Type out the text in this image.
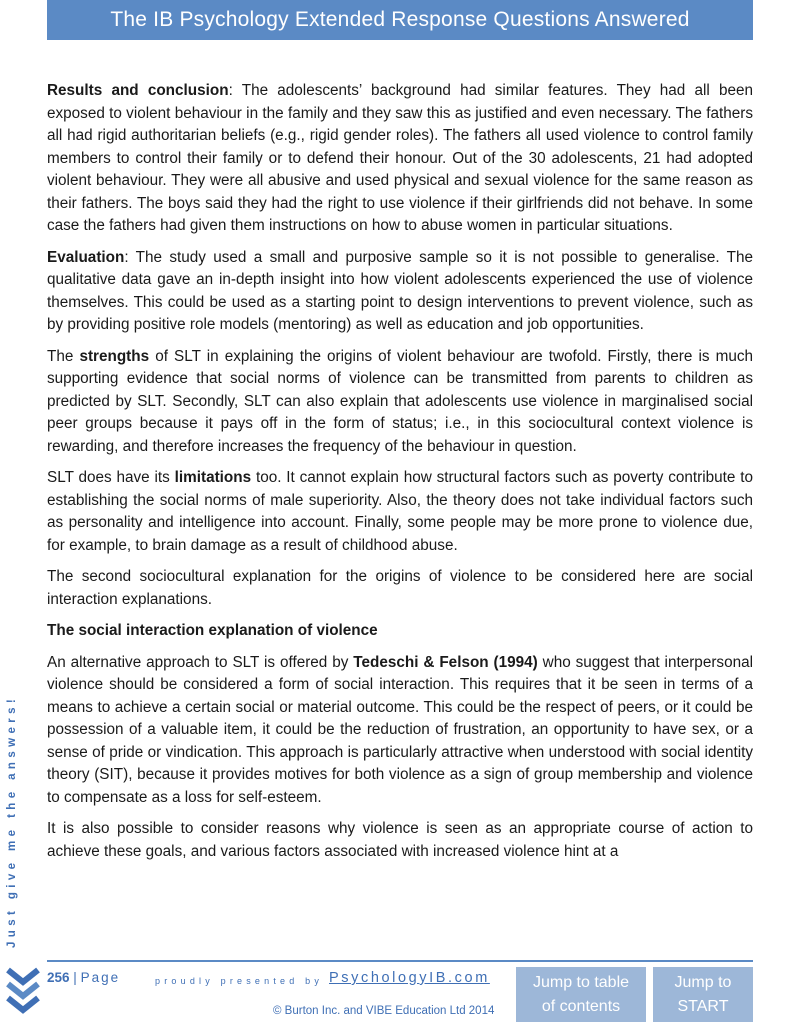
The IB Psychology Extended Response Questions Answered

Results and conclusion: The adolescents’ background had similar features. They had all been exposed to violent behaviour in the family and they saw this as justified and even necessary. The fathers all had rigid authoritarian beliefs (e.g., rigid gender roles). The fathers all used violence to control family members to control their family or to defend their honour. Out of the 30 adolescents, 21 had adopted violent behaviour. They were all abusive and used physical and sexual violence for the same reason as their fathers. The boys said they had the right to use violence if their girlfriends did not behave. In some case the fathers had given them instructions on how to abuse women in particular situations.

Evaluation: The study used a small and purposive sample so it is not possible to generalise. The qualitative data gave an in-depth insight into how violent adolescents experienced the use of violence themselves. This could be used as a starting point to design interventions to prevent violence, such as by providing positive role models (mentoring) as well as education and job opportunities.

The strengths of SLT in explaining the origins of violent behaviour are twofold. Firstly, there is much supporting evidence that social norms of violence can be transmitted from parents to children as predicted by SLT. Secondly, SLT can also explain that adolescents use violence in marginalised social peer groups because it pays off in the form of status; i.e., in this sociocultural context violence is rewarding, and therefore increases the frequency of the behaviour in question.

SLT does have its limitations too. It cannot explain how structural factors such as poverty contribute to establishing the social norms of male superiority. Also, the theory does not take individual factors such as personality and intelligence into account. Finally, some people may be more prone to violence due, for example, to brain damage as a result of childhood abuse.

The second sociocultural explanation for the origins of violence to be considered here are social interaction explanations.

The social interaction explanation of violence

An alternative approach to SLT is offered by Tedeschi & Felson (1994) who suggest that interpersonal violence should be considered a form of social interaction. This requires that it be seen in terms of a means to achieve a certain social or material outcome. This could be the respect of peers, or it could be possession of a valuable item, it could be the reduction of frustration, an opportunity to have sex, or a sense of pride or vindication. This approach is particularly attractive when understood with social identity theory (SIT), because it provides motives for both violence as a sign of group membership and violence to compensate as a loss for self-esteem.

It is also possible to consider reasons why violence is seen as an appropriate course of action to achieve these goals, and various factors associated with increased violence hint at a

Just give me the answers!
256 | Page	proudly presented by PsychologyIB.com
© Burton Inc. and VIBE Education Ltd 2014
Jump to table
of contents
Jump to
START
